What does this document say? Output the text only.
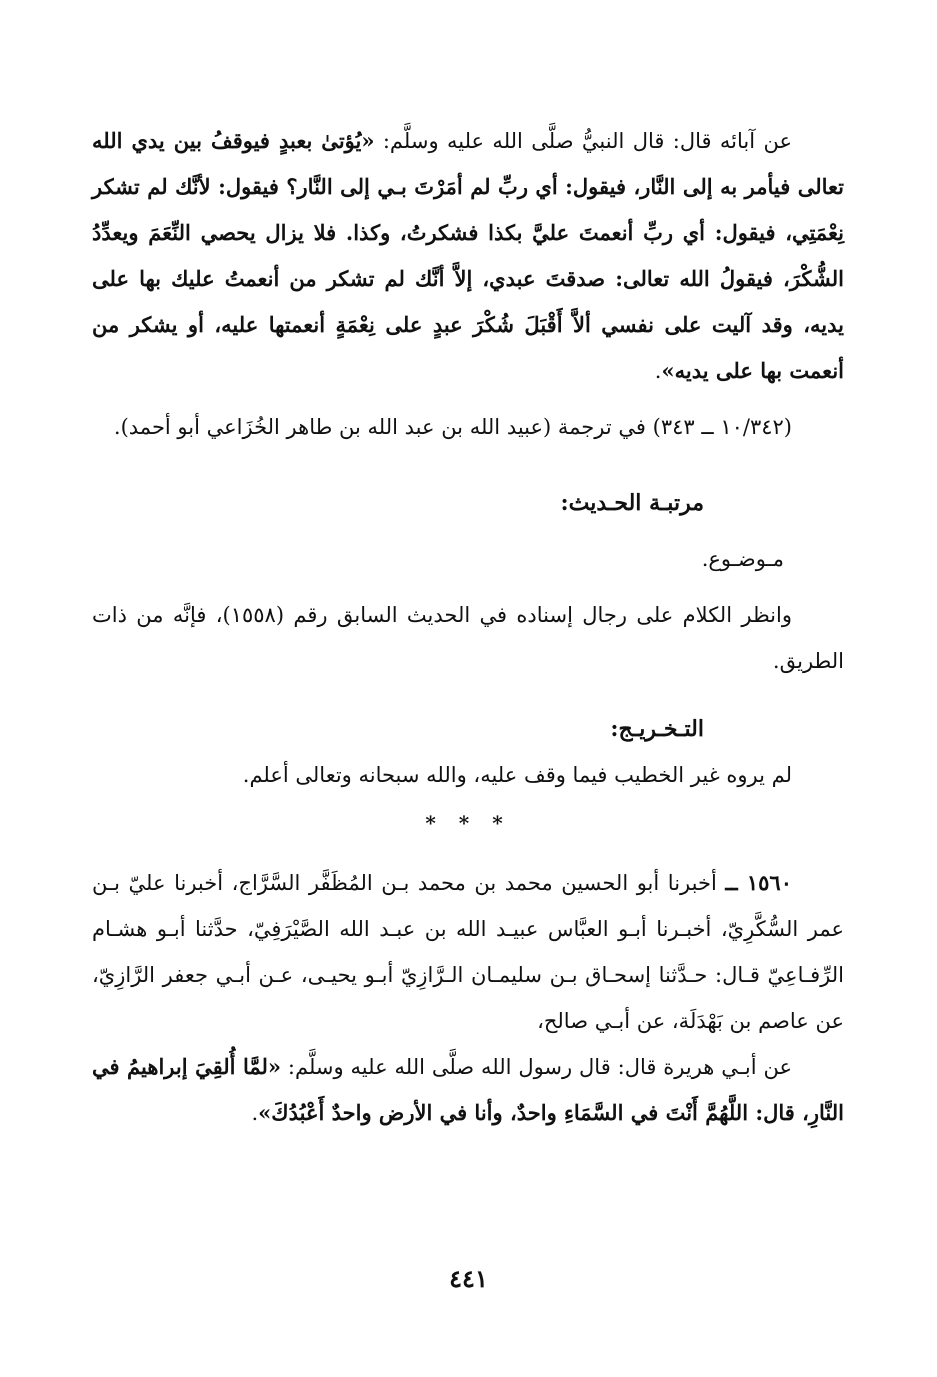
عن آبائه قال: قال النبيُّ صلَّى الله عليه وسلَّم: «يُؤتىٰ بعبدٍ فيوقفُ بين يدي الله تعالى فيأمر به إلى النَّار، فيقول: أي ربِّ لم أمَرْتَ بـي إلى النَّار؟ فيقول: لأنَّك لم تشكر نِعْمَتِي، فيقول: أي ربِّ أنعمتَ عليَّ بكذا فشكرتُ، وكذا. فلا يزال يحصي النِّعَمَ ويعدِّدُ الشُّكْرَ، فيقولُ الله تعالى: صدقتَ عبدي، إلاَّ أنَّك لم تشكر من أنعمتُ عليك بها على يديه، وقد آليت على نفسي ألاَّ أَقْبَلَ شُكْرَ عبدٍ على نِعْمَةٍ أنعمتها عليه، أو يشكر من أنعمت بها على يديه».

(١٠/٣٤٢ ــ ٣٤٣) في ترجمة (عبيد الله بن عبد الله بن طاهر الخُزَاعي أبو أحمد).

مرتبـة الحـديث:

مـوضـوع.

وانظر الكلام على رجال إسناده في الحديث السابق رقم (١٥٥٨)، فإنَّه من ذات الطريق.

التـخـريـج:

لم يروه غير الخطيب فيما وقف عليه، والله سبحانه وتعالى أعلم.

* * *

١٥٦٠ ــ أخبرنا أبو الحسين محمد بن محمد بـن المُظَفَّر السَّرَّاج، أخبرنا عليّ بـن عمر السُّكَّرِيّ، أخبـرنا أبـو العبَّاس عبيـد الله بن عبـد الله الصَّيْرَفِيّ، حدَّثنا أبـو هشـام الرِّفـاعِيّ قـال: حـدَّثنا إسحـاق بـن سليمـان الـرَّازِيّ أبـو يحيـى، عـن أبـي جعفر الرَّازِيّ، عن عاصم بن بَهْدَلَة، عن أبـي صالح،

عن أبـي هريرة قال: قال رسول الله صلَّى الله عليه وسلَّم: «لمَّا أُلقِيَ إبراهيمُ في النَّارِ، قال: اللَّهُمَّ أَنْتَ في السَّمَاءِ واحدٌ، وأنا في الأرض واحدٌ أَعْبُدُكَ».

٤٤١
